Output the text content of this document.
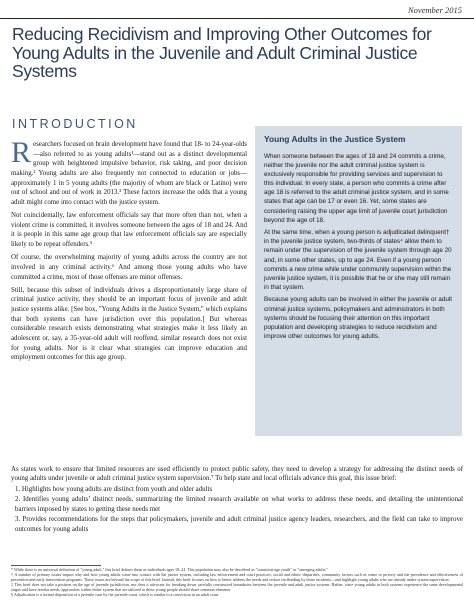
November 2015
Reducing Recidivism and Improving Other Outcomes for Young Adults in the Juvenile and Adult Criminal Justice Systems
INTRODUCTION

Researchers focused on brain development have found that 18- to 24-year-olds—also referred to as young adults¹—stand out as a distinct developmental group with heightened impulsive behavior, risk taking, and poor decision making.² Young adults are also frequently not connected to education or jobs—approximately 1 in 5 young adults (the majority of whom are black or Latino) were out of school and out of work in 2013.³ These factors increase the odds that a young adult might come into contact with the justice system.

Not coincidentally, law enforcement officials say that more often than not, when a violent crime is committed, it involves someone between the ages of 18 and 24. And it is people in this same age group that law enforcement officials say are especially likely to be repeat offenders.⁵

Of course, the overwhelming majority of young adults across the country are not involved in any criminal activity.⁶ And among those young adults who have committed a crime, most of those offenses are minor offenses.

Still, because this subset of individuals drives a disproportionately large share of criminal justice activity, they should be an important focus of juvenile and adult justice systems alike. [See box, "Young Adults in the Justice System," which explains that both systems can have jurisdiction over this population.] But whereas considerable research exists demonstrating what strategies make it less likely an adolescent or, say, a 35-year-old adult will reoffend, similar research does not exist for young adults. Nor is it clear what strategies can improve education and employment outcomes for this age group.

Young Adults in the Justice System

When someone between the ages of 18 and 24 commits a crime, neither the juvenile nor the adult criminal justice system is exclusively responsible for providing services and supervision to this individual. In every state, a person who commits a crime after age 18 is referred to the adult criminal justice system, and in some states that age can be 17 or even 16. Yet, some states are considering raising the upper age limit of juvenile court jurisdiction beyond the age of 18.

At the same time, when a young person is adjudicated delinquent† in the juvenile justice system, two-thirds of states⁴ allow them to remain under the supervision of the juvenile system through age 20 and, in some other states, up to age 24. Even if a young person commits a new crime while under community supervision within the juvenile justice system, it is possible that he or she may still remain in that system.

Because young adults can be involved in either the juvenile or adult criminal justice systems, policymakers and administrators in both systems should be focusing their attention on this important population and developing strategies to reduce recidivism and improve other outcomes for young adults.

As states work to ensure that limited resources are used efficiently to protect public safety, they need to develop a strategy for addressing the distinct needs of young adults under juvenile or adult criminal justice system supervision.⁷ To help state and local officials advance this goal, this issue brief:

1. Highlights how young adults are distinct from youth and older adults
2. Identifies young adults’ distinct needs, summarizing the limited research available on what works to address these needs, and detailing the unintentional barriers imposed by states to getting these needs met
3. Provides recommendations for the steps that policymakers, juvenile and adult criminal justice agency leaders, researchers, and the field can take to improve outcomes for young adults

* While there is no universal definition of "young adult," this brief defines them as individuals ages 18–24. This population may also be described as "transition-age youth" or "emerging adults."

† A number of primary issues impact why and how young adults come into contact with the justice system, including law enforcement and court practices, social and ethnic disparities, community factors such as crime or poverty and the prevalence and effectiveness of prevention and early intervention programs. These issues are beyond the scope of this brief. Instead, this brief focuses on how to better address the needs and reduce reoffending by those incidents—and highlight young adults who are already under system supervision.

‡ This brief does not take a position on the age of juvenile jurisdiction, nor does it advocate for breaking down carefully constructed boundaries between the juvenile and adult justice systems. Rather, since young adults in both systems experience the same developmental stages and have similar needs, approaches within either system that are tailored to these young people should share common elements.

§ Adjudication is a formal disposition of a juvenile case by the juvenile court, which is similar to a conviction in an adult court.
